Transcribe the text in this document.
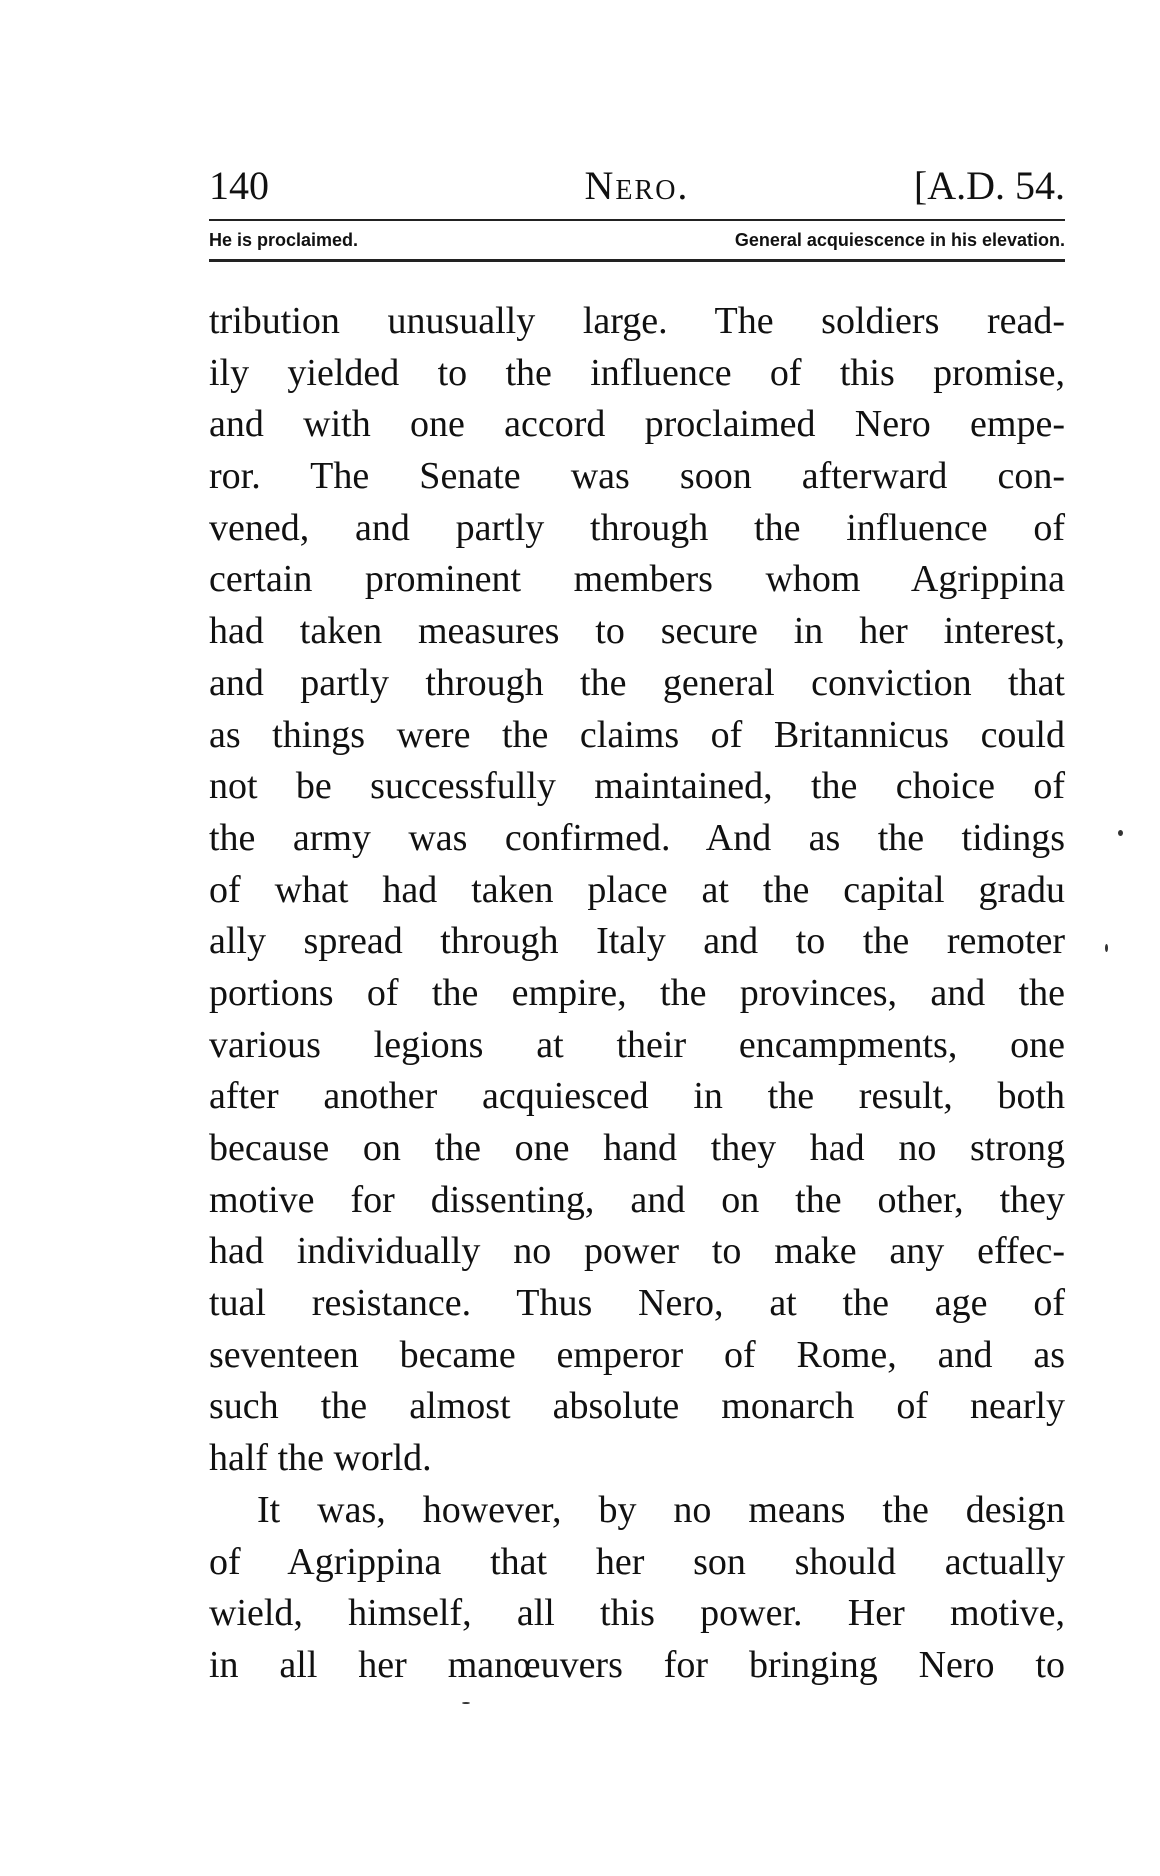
140	Nero.	[A.D. 54.
He is proclaimed.	General acquiescence in his elevation.
tribution unusually large. The soldiers read-
ily yielded to the influence of this promise,
and with one accord proclaimed Nero empe-
ror. The Senate was soon afterward con-
vened, and partly through the influence of
certain prominent members whom Agrippina
had taken measures to secure in her interest,
and partly through the general conviction that
as things were the claims of Britannicus could
not be successfully maintained, the choice of
the army was confirmed. And as the tidings
of what had taken place at the capital gradu
ally spread through Italy and to the remoter
portions of the empire, the provinces, and the
various legions at their encampments, one
after another acquiesced in the result, both
because on the one hand they had no strong
motive for dissenting, and on the other, they
had individually no power to make any effec-
tual resistance. Thus Nero, at the age of
seventeen became emperor of Rome, and as
such the almost absolute monarch of nearly
half the world.
It was, however, by no means the design
of Agrippina that her son should actually
wield, himself, all this power. Her motive,
in all her manœuvers for bringing Nero to
